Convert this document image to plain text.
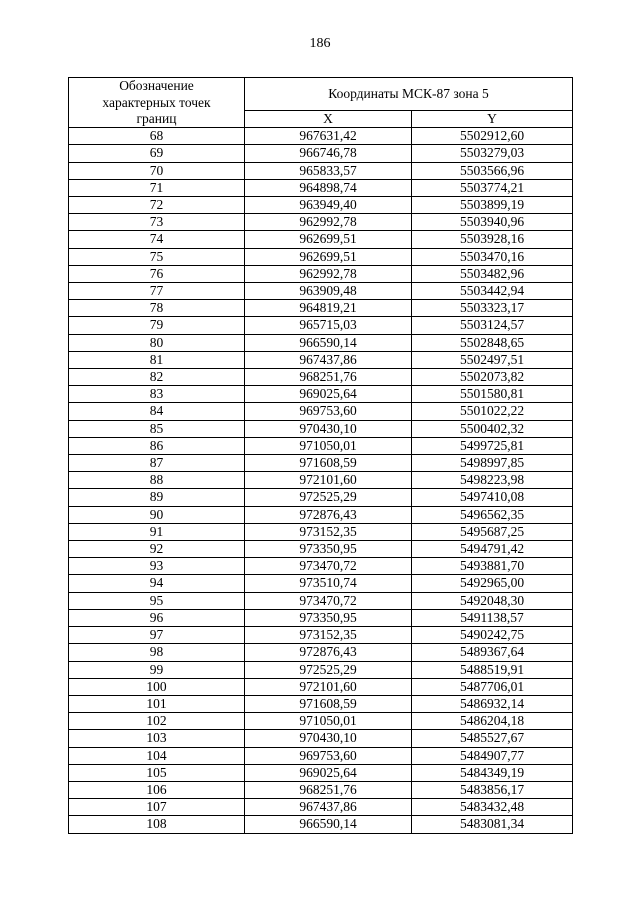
186
Обозначение
характерных точек
границ	Координаты МСК-87 зона 5	
	X	Y
68	967631,42	5502912,60
69	966746,78	5503279,03
70	965833,57	5503566,96
71	964898,74	5503774,21
72	963949,40	5503899,19
73	962992,78	5503940,96
74	962699,51	5503928,16
75	962699,51	5503470,16
76	962992,78	5503482,96
77	963909,48	5503442,94
78	964819,21	5503323,17
79	965715,03	5503124,57
80	966590,14	5502848,65
81	967437,86	5502497,51
82	968251,76	5502073,82
83	969025,64	5501580,81
84	969753,60	5501022,22
85	970430,10	5500402,32
86	971050,01	5499725,81
87	971608,59	5498997,85
88	972101,60	5498223,98
89	972525,29	5497410,08
90	972876,43	5496562,35
91	973152,35	5495687,25
92	973350,95	5494791,42
93	973470,72	5493881,70
94	973510,74	5492965,00
95	973470,72	5492048,30
96	973350,95	5491138,57
97	973152,35	5490242,75
98	972876,43	5489367,64
99	972525,29	5488519,91
100	972101,60	5487706,01
101	971608,59	5486932,14
102	971050,01	5486204,18
103	970430,10	5485527,67
104	969753,60	5484907,77
105	969025,64	5484349,19
106	968251,76	5483856,17
107	967437,86	5483432,48
108	966590,14	5483081,34
